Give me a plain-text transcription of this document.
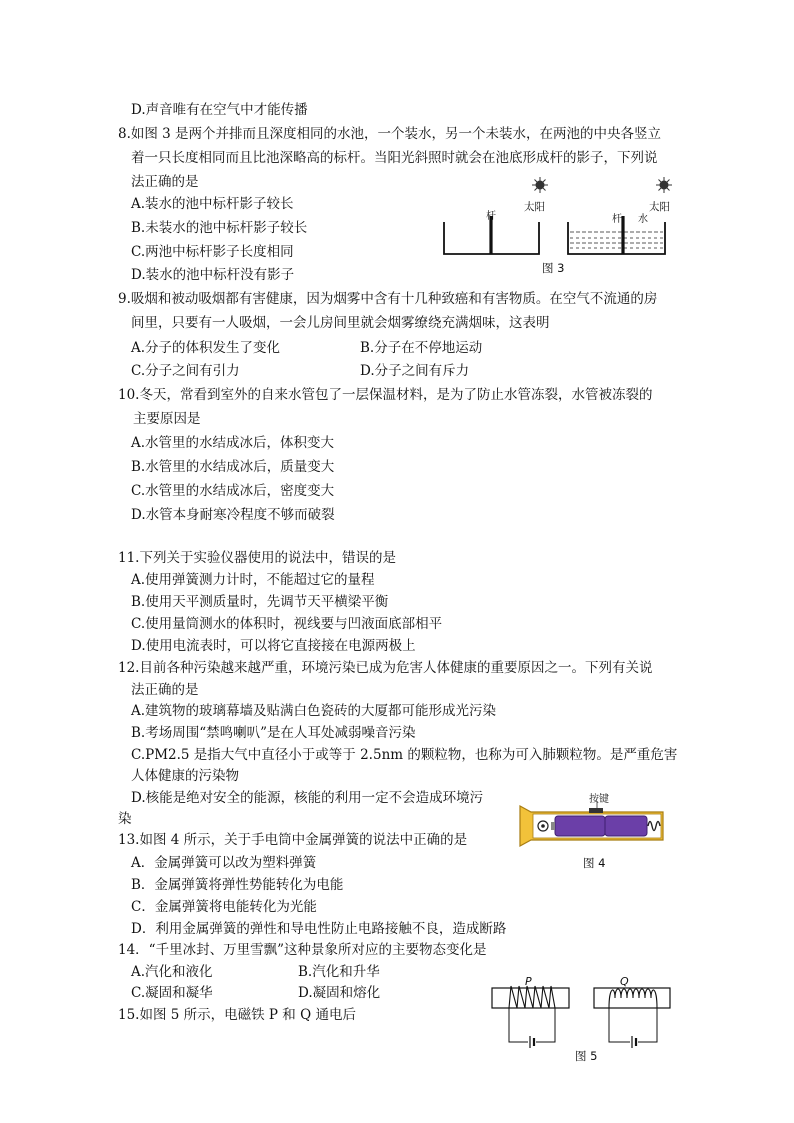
D.声音唯有在空气中才能传播
8.如图 3 是两个并排而且深度相同的水池，一个装水，另一个未装水，在两池的中央各竖立
着一只长度相同而且比池深略高的标杆。当阳光斜照时就会在池底形成杆的影子，下列说
法正确的是
A.装水的池中标杆影子较长
B.未装水的池中标杆影子较长
C.两池中标杆影子长度相同
D.装水的池中标杆没有影子
9.吸烟和被动吸烟都有害健康，因为烟雾中含有十几种致癌和有害物质。在空气不流通的房
间里，只要有一人吸烟，一会儿房间里就会烟雾缭绕充满烟味，这表明
A.分子的体积发生了变化	B.分子在不停地运动
C.分子之间有引力	D.分子之间有斥力
10.冬天，常看到室外的自来水管包了一层保温材料，是为了防止水管冻裂，水管被冻裂的
主要原因是
A.水管里的水结成冰后，体积变大
B.水管里的水结成冰后，质量变大
C.水管里的水结成冰后，密度变大
D.水管本身耐寒冷程度不够而破裂
11.下列关于实验仪器使用的说法中，错误的是
A.使用弹簧测力计时，不能超过它的量程
B.使用天平测质量时，先调节天平横梁平衡
C.使用量筒测水的体积时，视线要与凹液面底部相平
D.使用电流表时，可以将它直接接在电源两极上
12.目前各种污染越来越严重，环境污染已成为危害人体健康的重要原因之一。下列有关说
法正确的是
A.建筑物的玻璃幕墙及贴满白色瓷砖的大厦都可能形成光污染
B.考场周围“禁鸣喇叭”是在人耳处减弱噪音污染
C.PM2.5 是指大气中直径小于或等于 2.5nm 的颗粒物，也称为可入肺颗粒物。是严重危害
人体健康的污染物
D.核能是绝对安全的能源，核能的利用一定不会造成环境污
染
13.如图 4 所示，关于手电筒中金属弹簧的说法中正确的是
A．金属弹簧可以改为塑料弹簧
B．金属弹簧将弹性势能转化为电能
C．金属弹簧将电能转化为光能
D．利用金属弹簧的弹性和导电性防止电路接触不良，造成断路
14．“千里冰封、万里雪飘”这种景象所对应的主要物态变化是
A.汽化和液化	B.汽化和升华
C.凝固和凝华	D.凝固和熔化
15.如图 5 所示，电磁铁 P 和 Q 通电后
太阳	太阳
杆	杆 水
图 3
按键
图 4
P	Q
图 5
